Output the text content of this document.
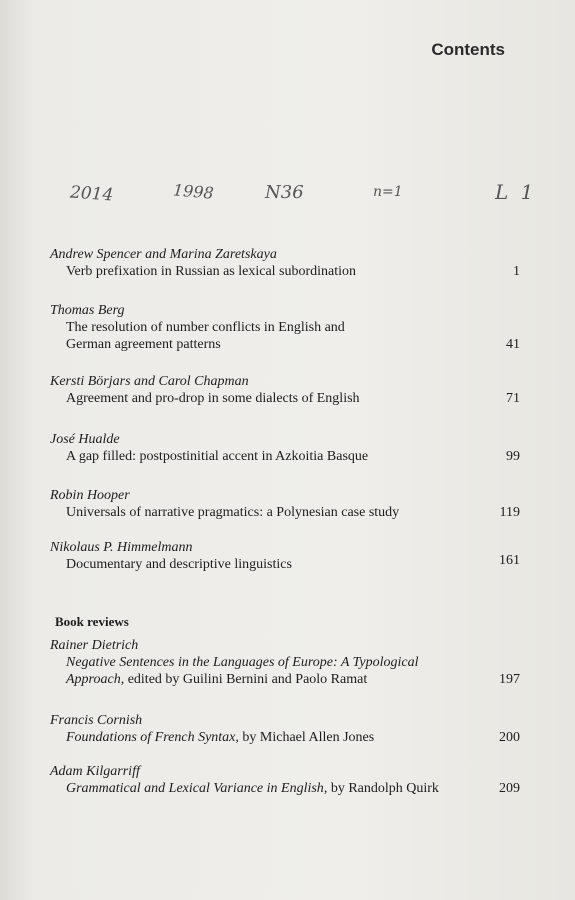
Contents
2014	1998	N36	n=1	L 1
Andrew Spencer and Marina Zaretskaya
Verb prefixation in Russian as lexical subordination	1
Thomas Berg
The resolution of number conflicts in English and German agreement patterns	41
Kersti Börjars and Carol Chapman
Agreement and pro-drop in some dialects of English	71
José Hualde
A gap filled: postpostinitial accent in Azkoitia Basque	99
Robin Hooper
Universals of narrative pragmatics: a Polynesian case study	119
Nikolaus P. Himmelmann
Documentary and descriptive linguistics	161
Book reviews
Rainer Dietrich
Negative Sentences in the Languages of Europe: A Typological Approach, edited by Guilini Bernini and Paolo Ramat	197
Francis Cornish
Foundations of French Syntax, by Michael Allen Jones	200
Adam Kilgarriff
Grammatical and Lexical Variance in English, by Randolph Quirk	209
